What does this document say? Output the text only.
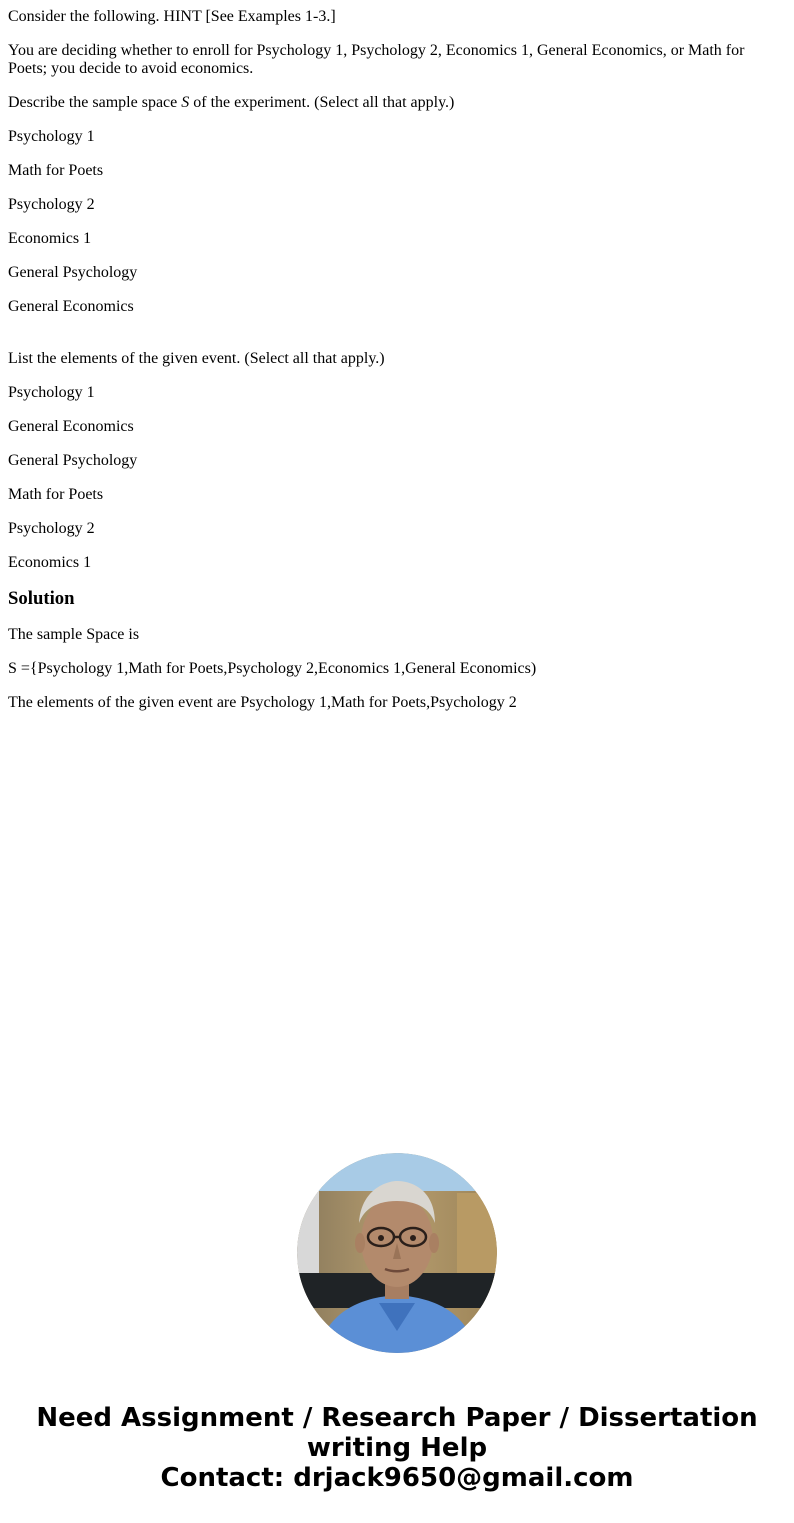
Consider the following. HINT [See Examples 1-3.]

You are deciding whether to enroll for Psychology 1, Psychology 2, Economics 1, General Economics, or Math for Poets; you decide to avoid economics.

Describe the sample space S of the experiment. (Select all that apply.)

Psychology 1

Math for Poets

Psychology 2

Economics 1

General Psychology

General Economics

List the elements of the given event. (Select all that apply.)

Psychology 1

General Economics

General Psychology

Math for Poets

Psychology 2

Economics 1

Solution

The sample Space is

S ={Psychology 1,Math for Poets,Psychology 2,Economics 1,General Economics)

The elements of the given event are Psychology 1,Math for Poets,Psychology 2

Need Assignment / Research Paper / Dissertation
writing Help
Contact: drjack9650@gmail.com
